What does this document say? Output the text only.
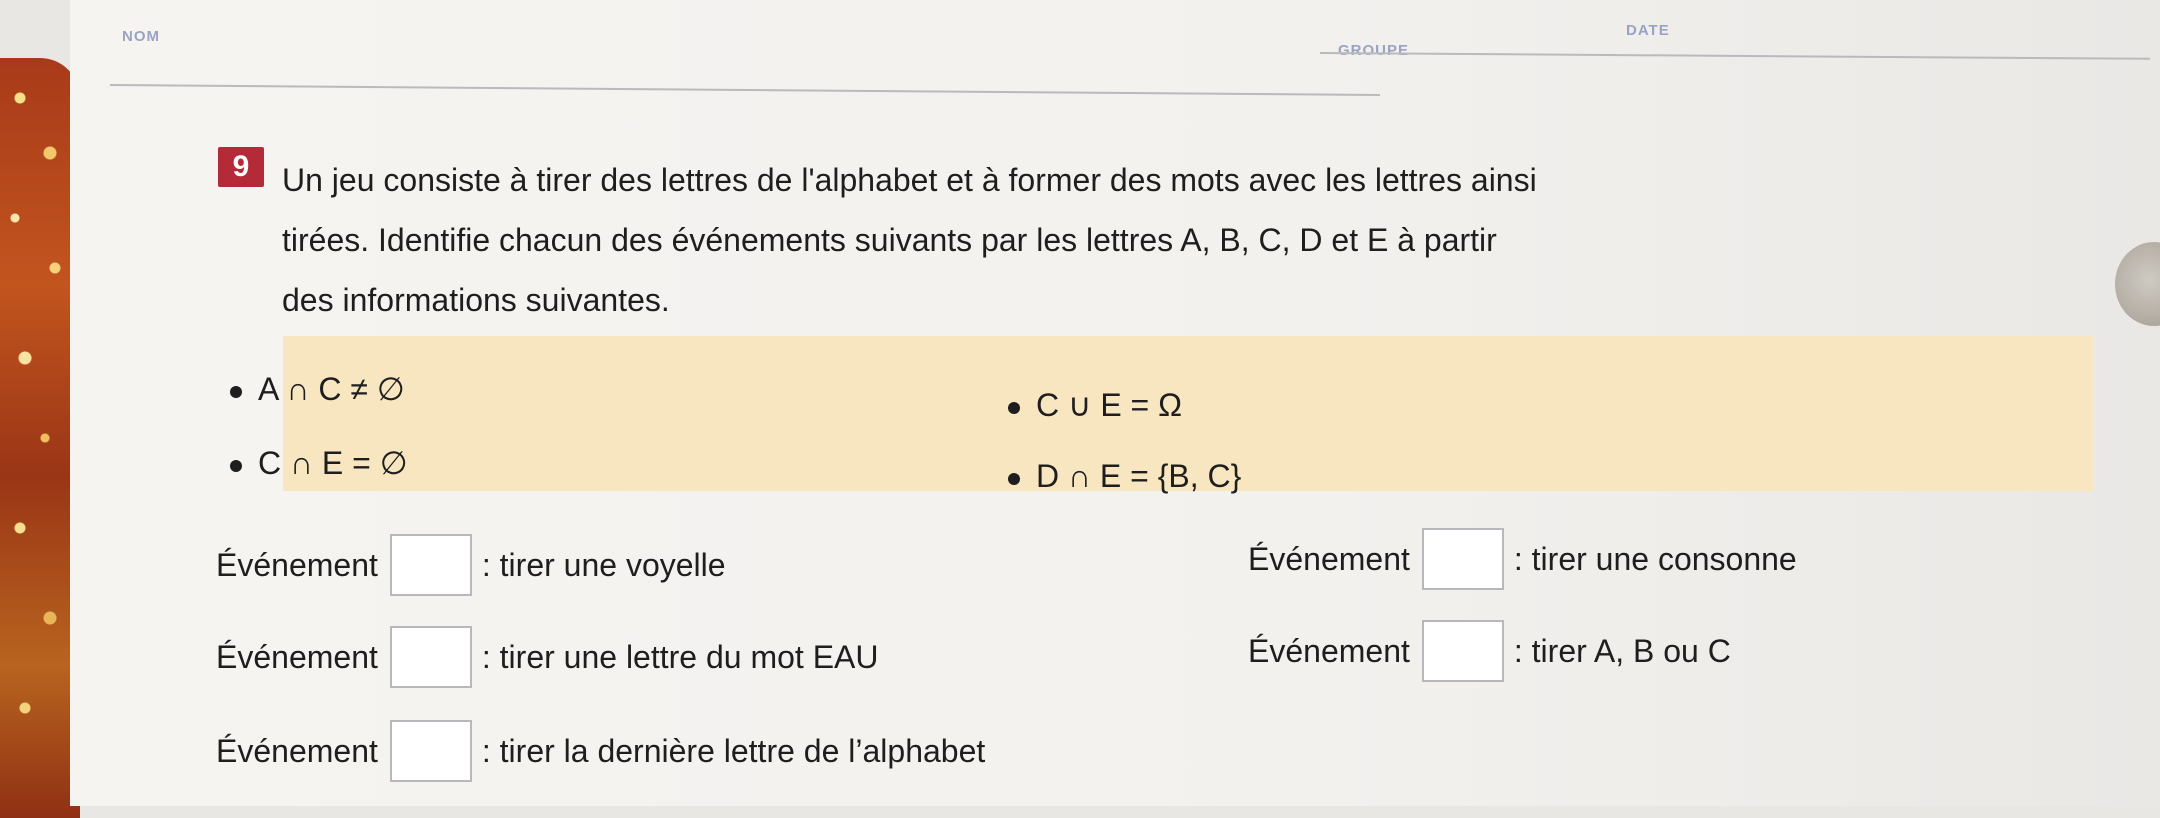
NOM
GROUPE
DATE
9	Un jeu consiste à tirer des lettres de l'alphabet et à former des mots avec les lettres ainsi
tirées. Identifie chacun des événements suivants par les lettres A, B, C, D et E à partir
des informations suivantes.
A ∩ C ≠ ∅	C ∪ E = Ω
C ∩ E = ∅	D ∩ E = {B, C}
Événement	: tirer une voyelle	Événement	: tirer une consonne
Événement	: tirer une lettre du mot EAU	Événement	: tirer A, B ou C
Événement	: tirer la dernière lettre de l’alphabet
